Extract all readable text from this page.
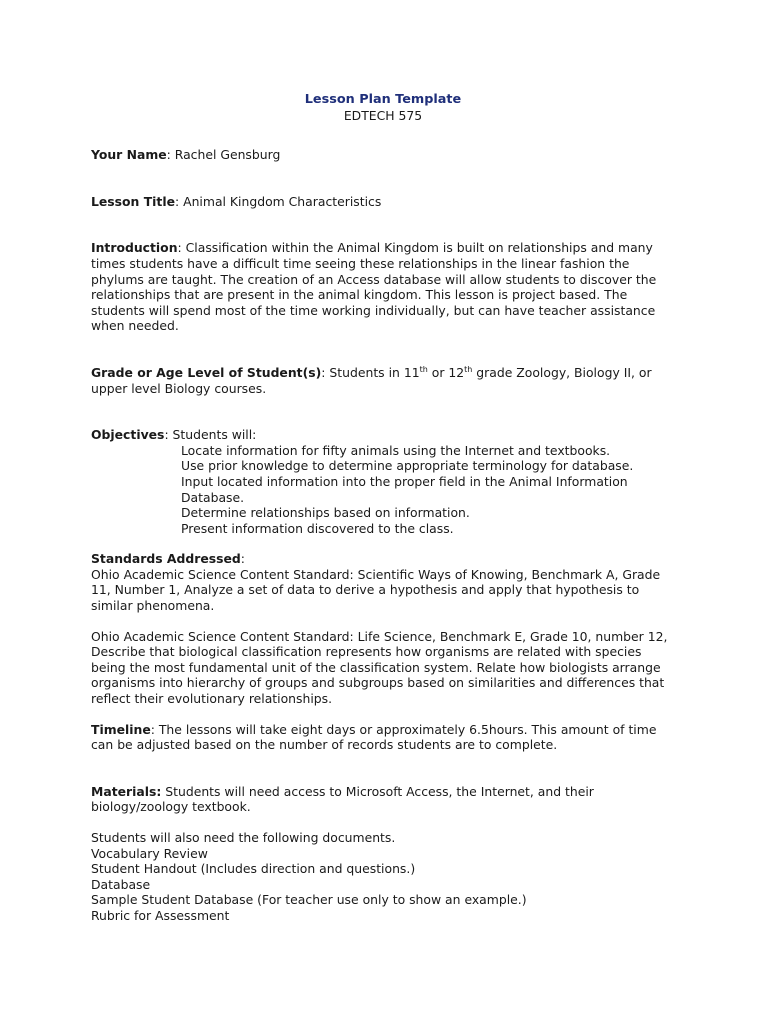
Lesson Plan Template
EDTECH 575

Your Name: Rachel Gensburg

Lesson Title: Animal Kingdom Characteristics

Introduction: Classification within the Animal Kingdom is built on relationships and many times students have a difficult time seeing these relationships in the linear fashion the phylums are taught. The creation of an Access database will allow students to discover the relationships that are present in the animal kingdom. This lesson is project based. The students will spend most of the time working individually, but can have teacher assistance when needed.

Grade or Age Level of Student(s): Students in 11th or 12th grade Zoology, Biology II, or upper level Biology courses.

Objectives: Students will:

Locate information for fifty animals using the Internet and textbooks.
Use prior knowledge to determine appropriate terminology for database.
Input located information into the proper field in the Animal Information Database.
Determine relationships based on information.
Present information discovered to the class.

Standards Addressed:

Ohio Academic Science Content Standard: Scientific Ways of Knowing, Benchmark A, Grade 11, Number 1, Analyze a set of data to derive a hypothesis and apply that hypothesis to similar phenomena.

Ohio Academic Science Content Standard: Life Science, Benchmark E, Grade 10, number 12, Describe that biological classification represents how organisms are related with species being the most fundamental unit of the classification system. Relate how biologists arrange organisms into hierarchy of groups and subgroups based on similarities and differences that reflect their evolutionary relationships.

Timeline: The lessons will take eight days or approximately 6.5hours. This amount of time can be adjusted based on the number of records students are to complete.

Materials: Students will need access to Microsoft Access, the Internet, and their biology/zoology textbook.

Students will also need the following documents.

Vocabulary Review
Student Handout (Includes direction and questions.)
Database
Sample Student Database (For teacher use only to show an example.)
Rubric for Assessment
